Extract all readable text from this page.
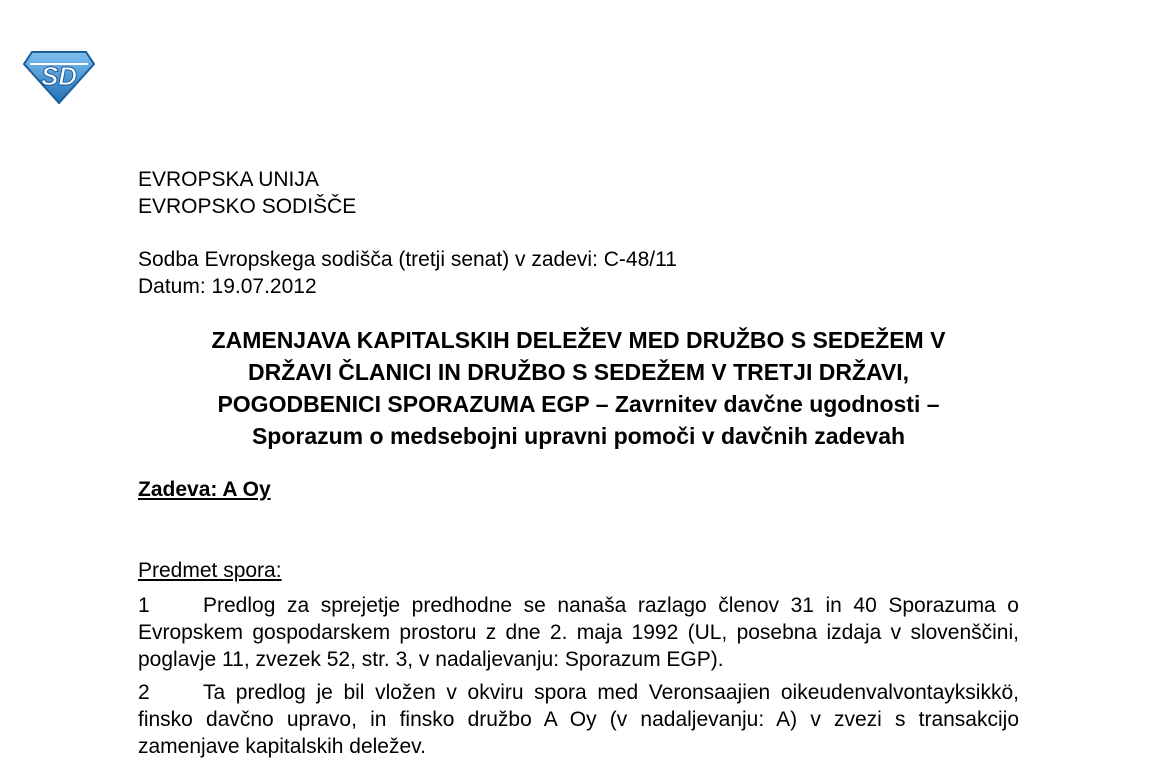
SD
EVROPSKA UNIJA
EVROPSKO SODIŠČE
Sodba Evropskega sodišča (tretji senat) v zadevi: C-48/11
Datum: 19.07.2012
ZAMENJAVA KAPITALSKIH DELEŽEV MED DRUŽBO S SEDEŽEM V
DRŽAVI ČLANICI IN DRUŽBO S SEDEŽEM V TRETJI DRŽAVI,
POGODBENICI SPORAZUMA EGP – Zavrnitev davčne ugodnosti –
Sporazum o medsebojni upravni pomoči v davčnih zadevah
Zadeva: A Oy
Predmet spora:
1	Predlog za sprejetje predhodne se nanaša razlago členov 31 in 40 Sporazuma o Evropskem gospodarskem prostoru z dne 2. maja 1992 (UL, posebna izdaja v slovenščini, poglavje 11, zvezek 52, str. 3, v nadaljevanju: Sporazum EGP).
2	Ta predlog je bil vložen v okviru spora med Veronsaajien oikeudenvalvontayksikkö, finsko davčno upravo, in finsko družbo A Oy (v nadaljevanju: A) v zvezi s transakcijo zamenjave kapitalskih deležev.
